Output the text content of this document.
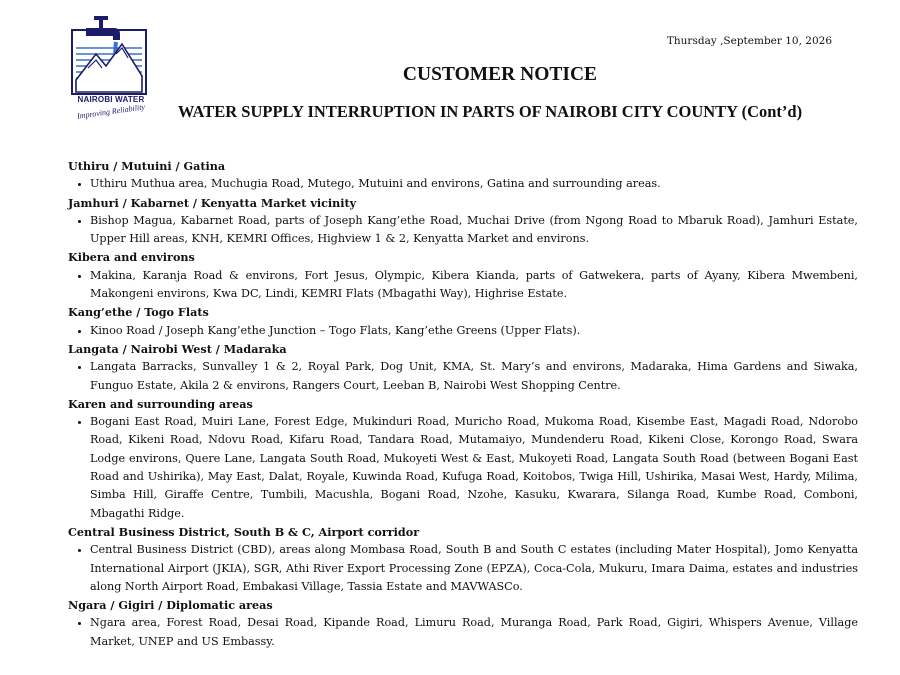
NAIROBI WATER
Improving Reliability
Thursday ,September 10, 2026
CUSTOMER NOTICE
WATER SUPPLY INTERRUPTION IN PARTS OF NAIROBI CITY COUNTY (Cont’d)

Uthiru / Mutuini / Gatina

• Uthiru Muthua area, Muchugia Road, Mutego, Mutuini and environs, Gatina and surrounding areas.

Jamhuri / Kabarnet / Kenyatta Market vicinity

• Bishop Magua, Kabarnet Road, parts of Joseph Kang’ethe Road, Muchai Drive (from Ngong Road to Mbaruk Road), Jamhuri Estate, Upper Hill areas, KNH, KEMRI Offices, Highview 1 & 2, Kenyatta Market and environs.

Kibera and environs

• Makina, Karanja Road & environs, Fort Jesus, Olympic, Kibera Kianda, parts of Gatwekera, parts of Ayany, Kibera Mwembeni, Makongeni environs, Kwa DC, Lindi, KEMRI Flats (Mbagathi Way), Highrise Estate.

Kang’ethe / Togo Flats

• Kinoo Road / Joseph Kang’ethe Junction – Togo Flats, Kang’ethe Greens (Upper Flats).

Langata / Nairobi West / Madaraka

• Langata Barracks, Sunvalley 1 & 2, Royal Park, Dog Unit, KMA, St. Mary’s and environs, Madaraka, Hima Gardens and Siwaka, Funguo Estate, Akila 2 & environs, Rangers Court, Leeban B, Nairobi West Shopping Centre.

Karen and surrounding areas

• Bogani East Road, Muiri Lane, Forest Edge, Mukinduri Road, Muricho Road, Mukoma Road, Kisembe East, Magadi Road, Ndorobo Road, Kikeni Road, Ndovu Road, Kifaru Road, Tandara Road, Mutamaiyo, Mundenderu Road, Kikeni Close, Korongo Road, Swara Lodge environs, Quere Lane, Langata South Road, Mukoyeti West & East, Mukoyeti Road, Langata South Road (between Bogani East Road and Ushirika), May East, Dalat, Royale, Kuwinda Road, Kufuga Road, Koitobos, Twiga Hill, Ushirika, Masai West, Hardy, Milima, Simba Hill, Giraffe Centre, Tumbili, Macushla, Bogani Road, Nzohe, Kasuku, Kwarara, Silanga Road, Kumbe Road, Comboni, Mbagathi Ridge.

Central Business District, South B & C, Airport corridor

• Central Business District (CBD), areas along Mombasa Road, South B and South C estates (including Mater Hospital), Jomo Kenyatta International Airport (JKIA), SGR, Athi River Export Processing Zone (EPZA), Coca-Cola, Mukuru, Imara Daima, estates and industries along North Airport Road, Embakasi Village, Tassia Estate and MAVWASCo.

Ngara / Gigiri / Diplomatic areas

• Ngara area, Forest Road, Desai Road, Kipande Road, Limuru Road, Muranga Road, Park Road, Gigiri, Whispers Avenue, Village Market, UNEP and US Embassy.
